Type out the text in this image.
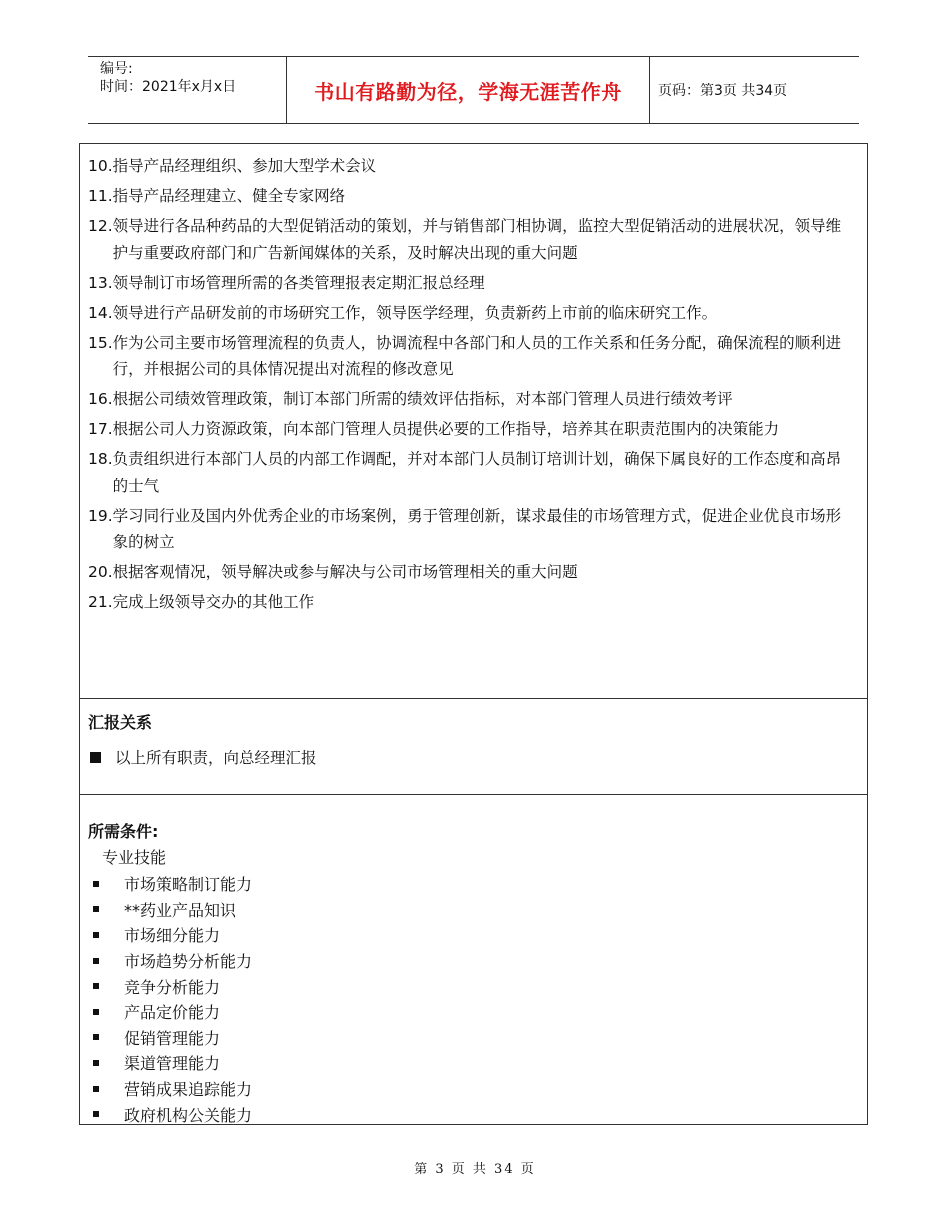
编号:
时间：2021年x月x日	书山有路勤为径，学海无涯苦作舟	页码：第3页 共34页
10. 指导产品经理组织、参加大型学术会议
11. 指导产品经理建立、健全专家网络
12. 领导进行各品种药品的大型促销活动的策划，并与销售部门相协调，监控大型促销活动的进展状况，领导维护与重要政府部门和广告新闻媒体的关系，及时解决出现的重大问题
13. 领导制订市场管理所需的各类管理报表定期汇报总经理
14. 领导进行产品研发前的市场研究工作，领导医学经理，负责新药上市前的临床研究工作。
15. 作为公司主要市场管理流程的负责人，协调流程中各部门和人员的工作关系和任务分配，确保流程的顺利进行，并根据公司的具体情况提出对流程的修改意见
16. 根据公司绩效管理政策，制订本部门所需的绩效评估指标，对本部门管理人员进行绩效考评
17. 根据公司人力资源政策，向本部门管理人员提供必要的工作指导，培养其在职责范围内的决策能力
18. 负责组织进行本部门人员的内部工作调配，并对本部门人员制订培训计划，确保下属良好的工作态度和高昂的士气
19. 学习同行业及国内外优秀企业的市场案例，勇于管理创新，谋求最佳的市场管理方式，促进企业优良市场形象的树立
20. 根据客观情况，领导解决或参与解决与公司市场管理相关的重大问题
21. 完成上级领导交办的其他工作
汇报关系
以上所有职责，向总经理汇报
所需条件:
专业技能
市场策略制订能力
**药业产品知识
市场细分能力
市场趋势分析能力
竞争分析能力
产品定价能力
促销管理能力
渠道管理能力
营销成果追踪能力
政府机构公关能力
第 3 页 共 34 页
